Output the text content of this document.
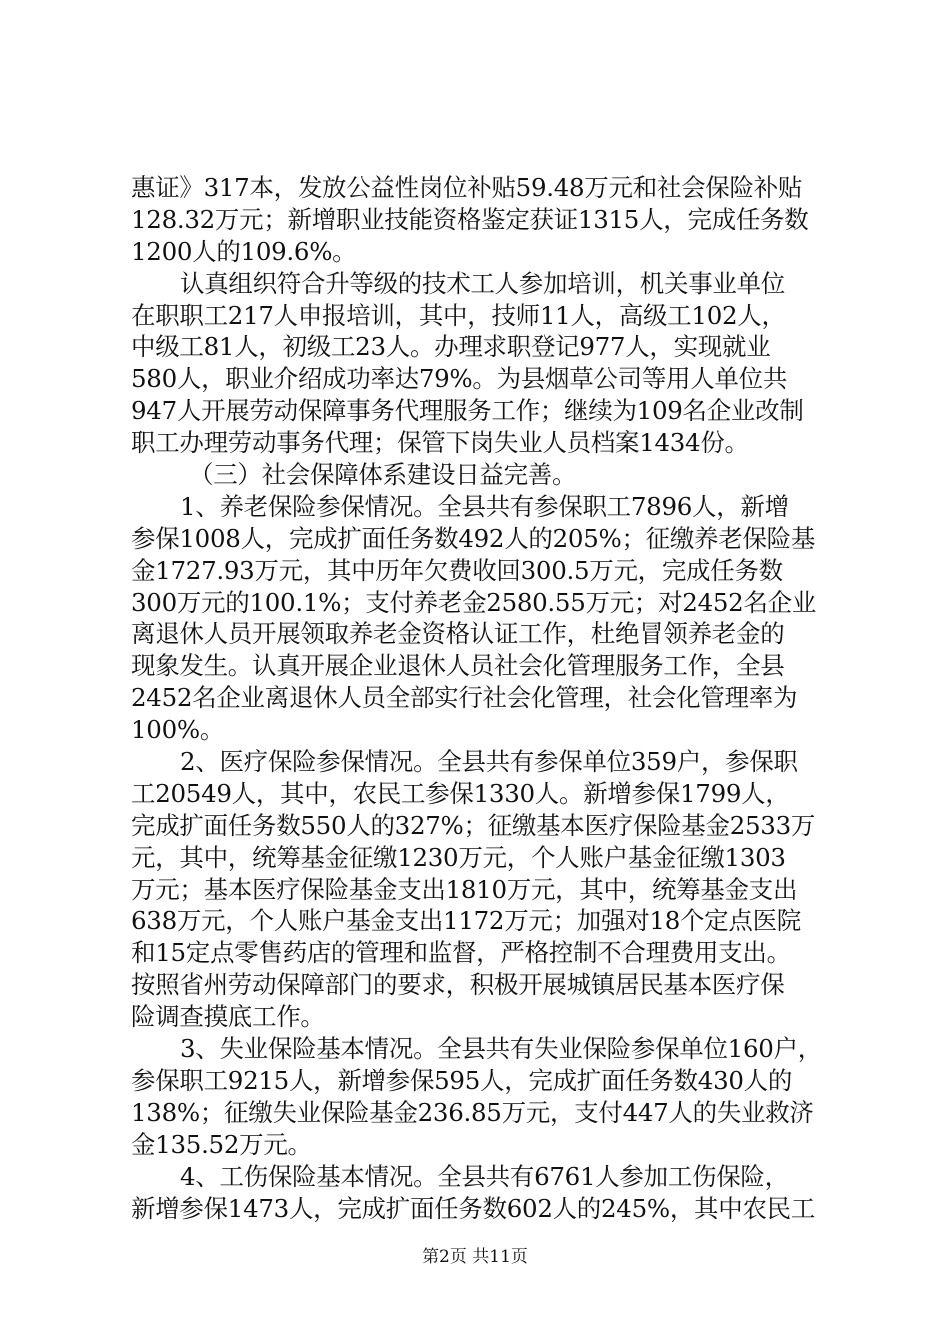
惠证》317本，发放公益性岗位补贴59.48万元和社会保险补贴
128.32万元；新增职业技能资格鉴定获证1315人，完成任务数
1200人的109.6%。
认真组织符合升等级的技术工人参加培训，机关事业单位
在职职工217人申报培训，其中，技师11人，高级工102人，
中级工81人，初级工23人。办理求职登记977人，实现就业
580人，职业介绍成功率达79%。为县烟草公司等用人单位共
947人开展劳动保障事务代理服务工作；继续为109名企业改制
职工办理劳动事务代理；保管下岗失业人员档案1434份。
（三）社会保障体系建设日益完善。
1、养老保险参保情况。全县共有参保职工7896人，新增
参保1008人，完成扩面任务数492人的205%；征缴养老保险基
金1727.93万元，其中历年欠费收回300.5万元，完成任务数
300万元的100.1%；支付养老金2580.55万元；对2452名企业
离退休人员开展领取养老金资格认证工作，杜绝冒领养老金的
现象发生。认真开展企业退休人员社会化管理服务工作，全县
2452名企业离退休人员全部实行社会化管理，社会化管理率为
100%。
2、医疗保险参保情况。全县共有参保单位359户，参保职
工20549人，其中，农民工参保1330人。新增参保1799人，
完成扩面任务数550人的327%；征缴基本医疗保险基金2533万
元，其中，统筹基金征缴1230万元，个人账户基金征缴1303
万元；基本医疗保险基金支出1810万元，其中，统筹基金支出
638万元，个人账户基金支出1172万元；加强对18个定点医院
和15定点零售药店的管理和监督，严格控制不合理费用支出。
按照省州劳动保障部门的要求，积极开展城镇居民基本医疗保
险调查摸底工作。
3、失业保险基本情况。全县共有失业保险参保单位160户，
参保职工9215人，新增参保595人，完成扩面任务数430人的
138%；征缴失业保险基金236.85万元，支付447人的失业救济
金135.52万元。
4、工伤保险基本情况。全县共有6761人参加工伤保险，
新增参保1473人，完成扩面任务数602人的245%，其中农民工
第2页 共11页
